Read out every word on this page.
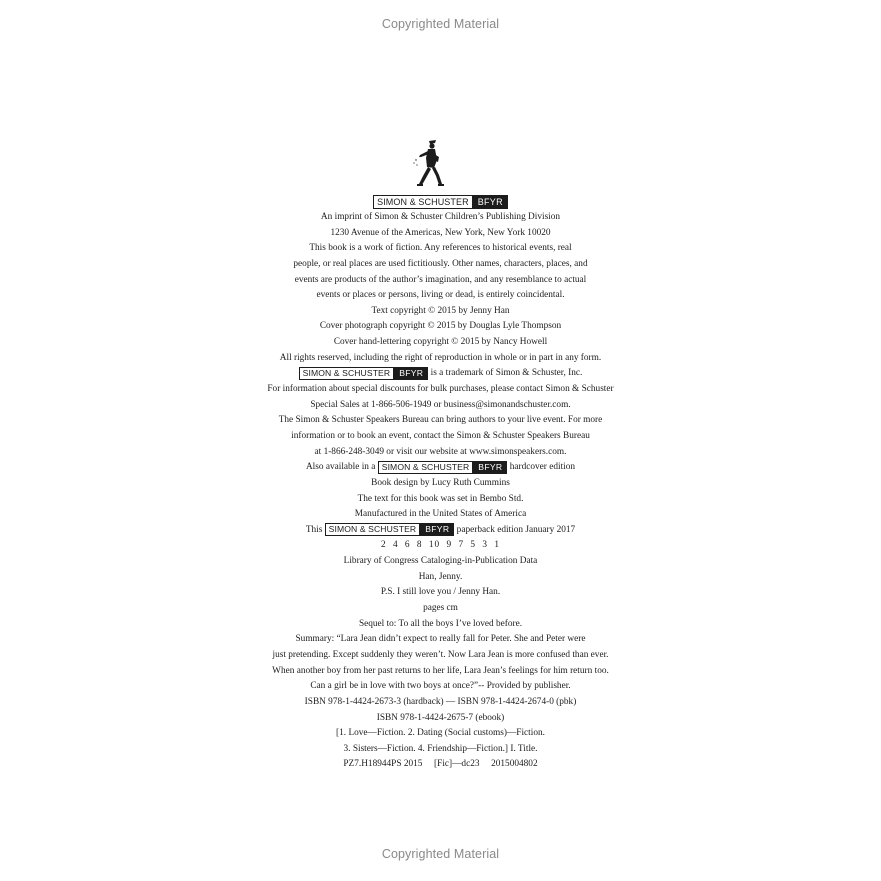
Copyrighted Material
SIMON & SCHUSTER	BFYR
An imprint of Simon & Schuster Children’s Publishing Division
1230 Avenue of the Americas, New York, New York 10020
This book is a work of fiction. Any references to historical events, real
people, or real places are used fictitiously. Other names, characters, places, and
events are products of the author’s imagination, and any resemblance to actual
events or places or persons, living or dead, is entirely coincidental.
Text copyright © 2015 by Jenny Han
Cover photograph copyright © 2015 by Douglas Lyle Thompson
Cover hand-lettering copyright © 2015 by Nancy Howell
All rights reserved, including the right of reproduction in whole or in part in any form.
SIMON & SCHUSTER	BFYR is a trademark of Simon & Schuster, Inc.
For information about special discounts for bulk purchases, please contact Simon & Schuster
Special Sales at 1-866-506-1949 or business@simonandschuster.com.
The Simon & Schuster Speakers Bureau can bring authors to your live event. For more
information or to book an event, contact the Simon & Schuster Speakers Bureau
at 1-866-248-3049 or visit our website at www.simonspeakers.com.
Also available in a SIMON & SCHUSTER	BFYR hardcover edition
Book design by Lucy Ruth Cummins
The text for this book was set in Bembo Std.
Manufactured in the United States of America
This SIMON & SCHUSTER	BFYR paperback edition January 2017
2 4 6 8 10 9 7 5 3 1
Library of Congress Cataloging-in-Publication Data
Han, Jenny.
P.S. I still love you / Jenny Han.
pages cm
Sequel to: To all the boys I’ve loved before.
Summary: “Lara Jean didn’t expect to really fall for Peter. She and Peter were
just pretending. Except suddenly they weren’t. Now Lara Jean is more confused than ever.
When another boy from her past returns to her life, Lara Jean’s feelings for him return too.
Can a girl be in love with two boys at once?”-- Provided by publisher.
ISBN 978-1-4424-2673-3 (hardback) — ISBN 978-1-4424-2674-0 (pbk)
ISBN 978-1-4424-2675-7 (ebook)
[1. Love—Fiction. 2. Dating (Social customs)—Fiction.
3. Sisters—Fiction. 4. Friendship—Fiction.] I. Title.
PZ7.H18944PS 2015     [Fic]—dc23     2015004802
Copyrighted Material
